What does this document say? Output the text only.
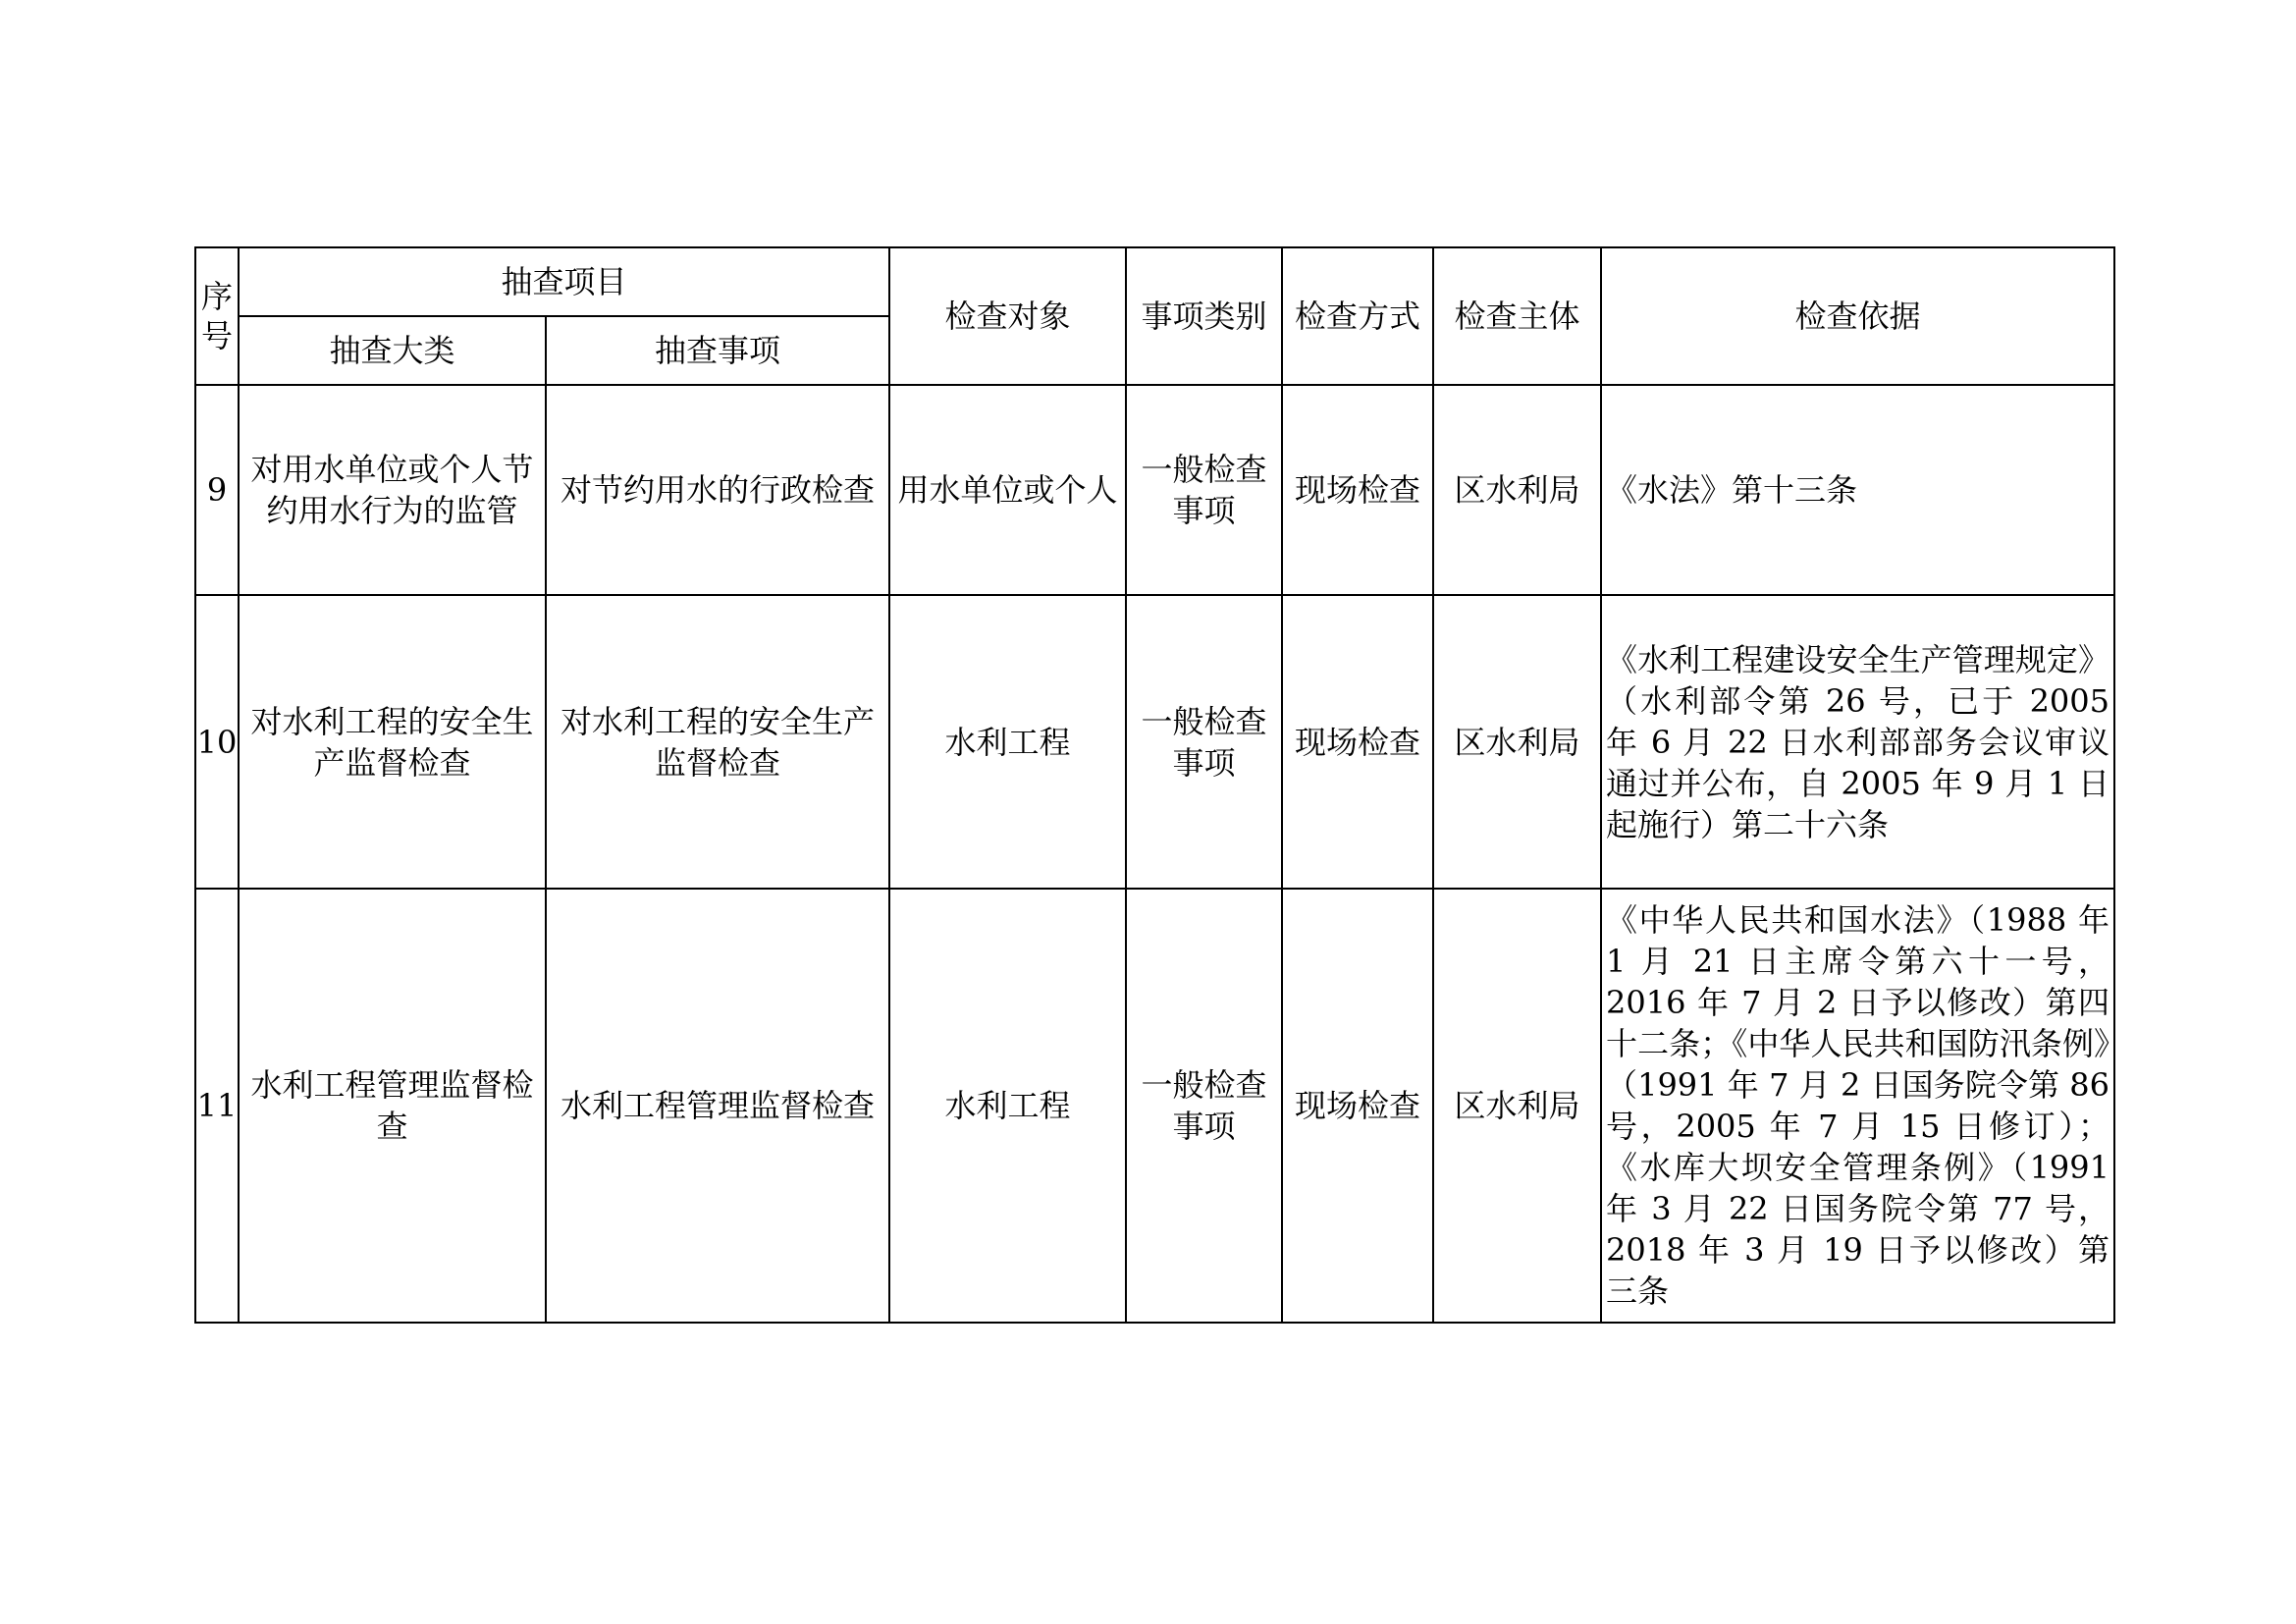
序号	抽查项目		检查对象	事项类别	检查方式	检查主体	检查依据
	抽查大类	抽查事项					
9	对用水单位或个人节约用水行为的监管	对节约用水的行政检查	用水单位或个人	一般检查事项	现场检查	区水利局	《水法》第十三条
10	对水利工程的安全生产监督检查	对水利工程的安全生产监督检查	水利工程	一般检查事项	现场检查	区水利局	《水利工程建设安全生产管理规定》（水利部令第 26 号，已于 2005 年 6 月 22 日水利部部务会议审议通过并公布，自 2005 年 9 月 1 日起施行）第二十六条
11	水利工程管理监督检查	水利工程管理监督检查	水利工程	一般检查事项	现场检查	区水利局	《中华人民共和国水法》（1988 年 1 月 21 日主席令第六十一号，2016 年 7 月 2 日予以修改）第四十二条；《中华人民共和国防汛条例》（1991 年 7 月 2 日国务院令第 86 号，2005 年 7 月 15 日修订）；《水库大坝安全管理条例》（1991 年 3 月 22 日国务院令第 77 号，2018 年 3 月 19 日予以修改）第三条
